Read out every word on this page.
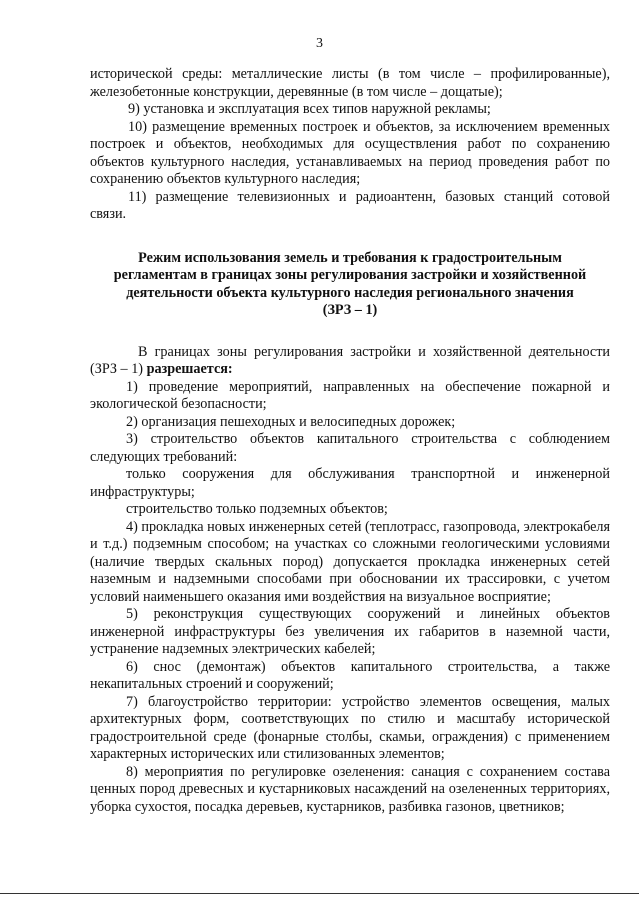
3

исторической среды: металлические листы (в том числе – профилированные), железобетонные конструкции, деревянные (в том числе – дощатые);

9) установка и эксплуатация всех типов наружной рекламы;

10) размещение временных построек и объектов, за исключением временных построек и объектов, необходимых для осуществления работ по сохранению объектов культурного наследия, устанавливаемых на период проведения работ по сохранению объектов культурного наследия;

11) размещение телевизионных и радиоантенн, базовых станций сотовой связи.

Режим использования земель и требования к градостроительным
регламентам в границах зоны регулирования застройки и хозяйственной
деятельности объекта культурного наследия регионального значения
(ЗРЗ – 1)

В границах зоны регулирования застройки и хозяйственной деятельности (ЗРЗ – 1) разрешается:

1) проведение мероприятий, направленных на обеспечение пожарной и экологической безопасности;

2) организация пешеходных и велосипедных дорожек;

3) строительство объектов капитального строительства с соблюдением следующих требований:

только сооружения для обслуживания транспортной и инженерной инфраструктуры;

строительство только подземных объектов;

4) прокладка новых инженерных сетей (теплотрасс, газопровода, электрокабеля и т.д.) подземным способом; на участках со сложными геологическими условиями (наличие твердых скальных пород) допускается прокладка инженерных сетей наземным и надземными способами при обосновании их трассировки, с учетом условий наименьшего оказания ими воздействия на визуальное восприятие;

5) реконструкция существующих сооружений и линейных объектов инженерной инфраструктуры без увеличения их габаритов в наземной части, устранение надземных электрических кабелей;

6) снос (демонтаж) объектов капитального строительства, а также некапитальных строений и сооружений;

7) благоустройство территории: устройство элементов освещения, малых архитектурных форм, соответствующих по стилю и масштабу исторической градостроительной среде (фонарные столбы, скамьи, ограждения) с применением характерных исторических или стилизованных элементов;

8) мероприятия по регулировке озеленения: санация с сохранением состава ценных пород древесных и кустарниковых насаждений на озелененных территориях, уборка сухостоя, посадка деревьев, кустарников, разбивка газонов, цветников;
